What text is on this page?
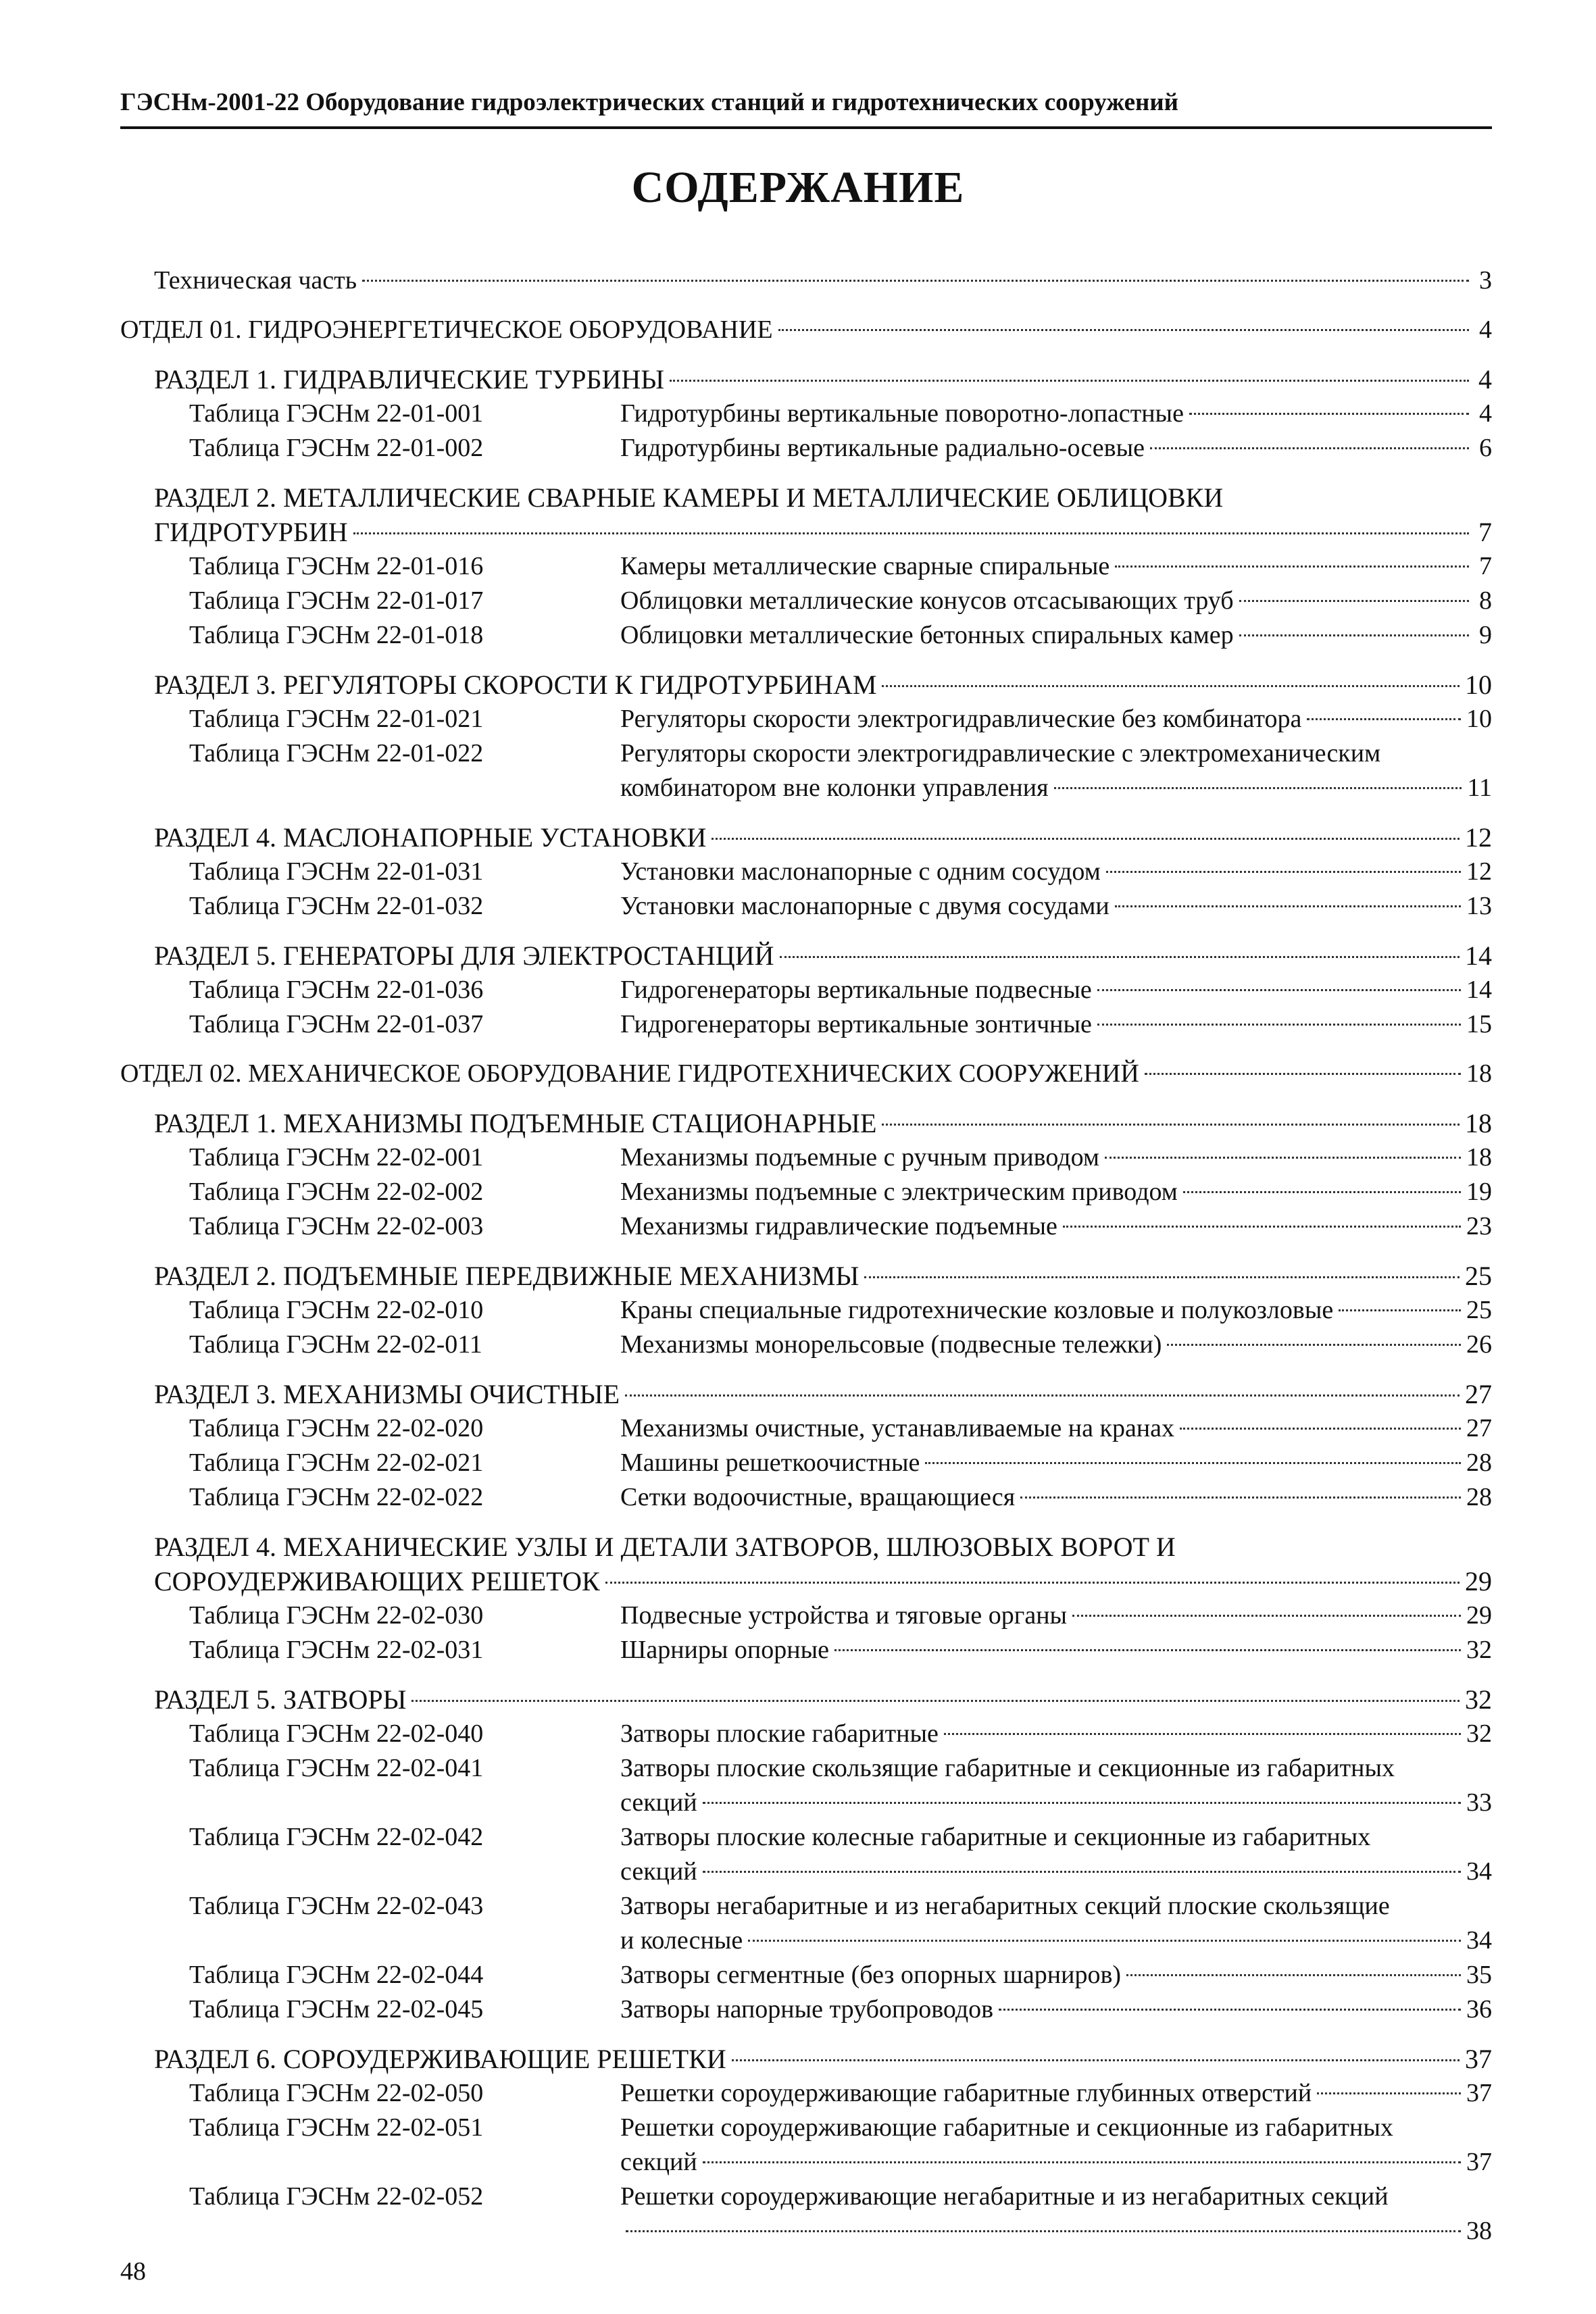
ГЭСНм-2001-22 Оборудование гидроэлектрических станций и гидротехнических сооружений
СОДЕРЖАНИЕ
Техническая часть	3
ОТДЕЛ 01. ГИДРОЭНЕРГЕТИЧЕСКОЕ ОБОРУДОВАНИЕ	4
РАЗДЕЛ 1. ГИДРАВЛИЧЕСКИЕ ТУРБИНЫ	4
Таблица ГЭСНм 22-01-001	Гидротурбины вертикальные поворотно-лопастные	4
Таблица ГЭСНм 22-01-002	Гидротурбины вертикальные радиально-осевые	6
РАЗДЕЛ 2. МЕТАЛЛИЧЕСКИЕ СВАРНЫЕ КАМЕРЫ И МЕТАЛЛИЧЕСКИЕ ОБЛИЦОВКИ
ГИДРОТУРБИН	7
Таблица ГЭСНм 22-01-016	Камеры металлические сварные спиральные	7
Таблица ГЭСНм 22-01-017	Облицовки металлические конусов отсасывающих труб	8
Таблица ГЭСНм 22-01-018	Облицовки металлические бетонных спиральных камер	9
РАЗДЕЛ 3. РЕГУЛЯТОРЫ СКОРОСТИ К ГИДРОТУРБИНАМ	10
Таблица ГЭСНм 22-01-021	Регуляторы скорости электрогидравлические без комбинатора	10
Таблица ГЭСНм 22-01-022	Регуляторы скорости электрогидравлические с электромеханическим
комбинатором вне колонки управления	11
РАЗДЕЛ 4. МАСЛОНАПОРНЫЕ УСТАНОВКИ	12
Таблица ГЭСНм 22-01-031	Установки маслонапорные с одним сосудом	12
Таблица ГЭСНм 22-01-032	Установки маслонапорные с двумя сосудами	13
РАЗДЕЛ 5. ГЕНЕРАТОРЫ ДЛЯ ЭЛЕКТРОСТАНЦИЙ	14
Таблица ГЭСНм 22-01-036	Гидрогенераторы вертикальные подвесные	14
Таблица ГЭСНм 22-01-037	Гидрогенераторы вертикальные зонтичные	15
ОТДЕЛ 02. МЕХАНИЧЕСКОЕ ОБОРУДОВАНИЕ ГИДРОТЕХНИЧЕСКИХ СООРУЖЕНИЙ	18
РАЗДЕЛ 1. МЕХАНИЗМЫ ПОДЪЕМНЫЕ СТАЦИОНАРНЫЕ	18
Таблица ГЭСНм 22-02-001	Механизмы подъемные с ручным приводом	18
Таблица ГЭСНм 22-02-002	Механизмы подъемные с электрическим приводом	19
Таблица ГЭСНм 22-02-003	Механизмы гидравлические подъемные	23
РАЗДЕЛ 2. ПОДЪЕМНЫЕ ПЕРЕДВИЖНЫЕ МЕХАНИЗМЫ	25
Таблица ГЭСНм 22-02-010	Краны специальные гидротехнические козловые и полукозловые	25
Таблица ГЭСНм 22-02-011	Механизмы монорельсовые (подвесные тележки)	26
РАЗДЕЛ 3. МЕХАНИЗМЫ ОЧИСТНЫЕ	27
Таблица ГЭСНм 22-02-020	Механизмы очистные, устанавливаемые на кранах	27
Таблица ГЭСНм 22-02-021	Машины решеткоочистные	28
Таблица ГЭСНм 22-02-022	Сетки водоочистные, вращающиеся	28
РАЗДЕЛ 4. МЕХАНИЧЕСКИЕ УЗЛЫ И ДЕТАЛИ ЗАТВОРОВ, ШЛЮЗОВЫХ ВОРОТ И
СОРОУДЕРЖИВАЮЩИХ РЕШЕТОК	29
Таблица ГЭСНм 22-02-030	Подвесные устройства и тяговые органы	29
Таблица ГЭСНм 22-02-031	Шарниры опорные	32
РАЗДЕЛ 5. ЗАТВОРЫ	32
Таблица ГЭСНм 22-02-040	Затворы плоские габаритные	32
Таблица ГЭСНм 22-02-041	Затворы плоские скользящие габаритные и секционные из габаритных
секций	33
Таблица ГЭСНм 22-02-042	Затворы плоские колесные габаритные и секционные из габаритных
секций	34
Таблица ГЭСНм 22-02-043	Затворы негабаритные и из негабаритных секций плоские скользящие
и колесные	34
Таблица ГЭСНм 22-02-044	Затворы сегментные (без опорных шарниров)	35
Таблица ГЭСНм 22-02-045	Затворы напорные трубопроводов	36
РАЗДЕЛ 6. СОРОУДЕРЖИВАЮЩИЕ РЕШЕТКИ	37
Таблица ГЭСНм 22-02-050	Решетки сороудерживающие габаритные глубинных отверстий	37
Таблица ГЭСНм 22-02-051	Решетки сороудерживающие габаритные и секционные из габаритных
секций	37
Таблица ГЭСНм 22-02-052	Решетки сороудерживающие негабаритные и из негабаритных секций
38
48
